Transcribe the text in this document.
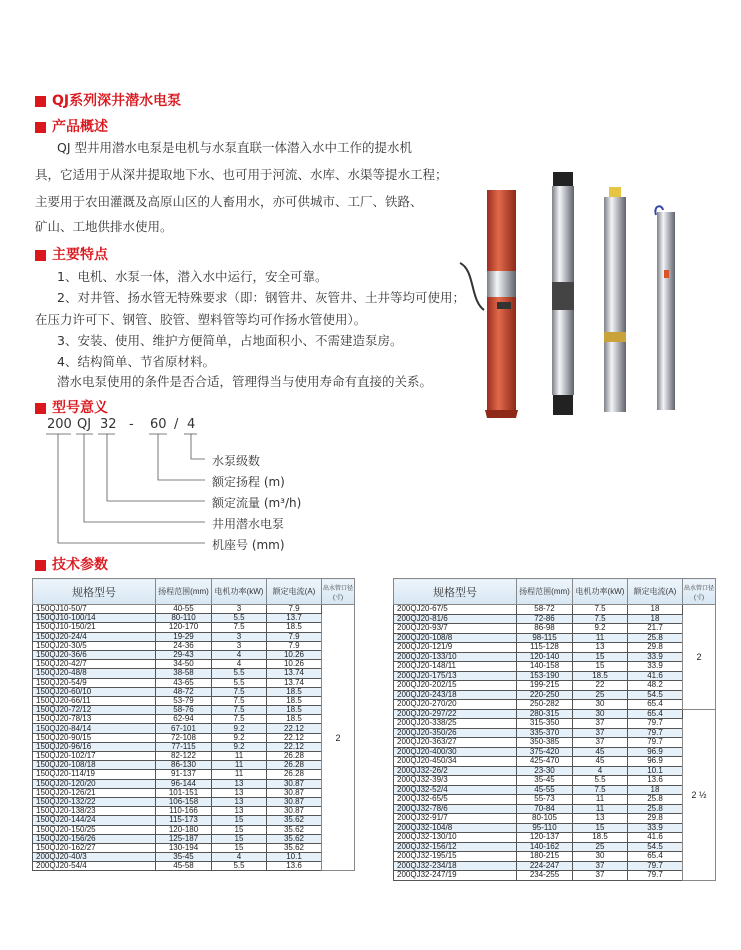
QJ系列深井潜水电泵
产品概述
QJ 型井用潜水电泵是电机与水泵直联一体潜入水中工作的提水机
具，它适用于从深井提取地下水、也可用于河流、水库、水渠等提水工程；
主要用于农田灌溉及高原山区的人畜用水，亦可供城市、工厂、铁路、
矿山、工地供排水使用。
主要特点
1、电机、水泵一体，潜入水中运行，安全可靠。
2、对井管、扬水管无特殊要求（即：钢管井、灰管井、土井等均可使用；
在压力许可下、钢管、胶管、塑料管等均可作扬水管使用）。
3、安装、使用、维护方便简单，占地面积小、不需建造泵房。
4、结构简单、节省原材料。
潜水电泵使用的条件是否合适，管理得当与使用寿命有直接的关系。
型号意义
200 QJ 32 - 60 / 4
水泵级数
额定扬程 (m)
额定流量 (m³/h)
井用潜水电泵
机座号 (mm)
技术参数
规格型号	扬程范围(mm)	电机功率(kW)	额定电流(A)	出水管口径(寸)
150QJ10-50/7	40-55	3	7.9	2
150QJ10-100/14	80-110	5.5	13.7	
150QJ10-150/21	120-170	7.5	18.5	
150QJ20-24/4	19-29	3	7.9	
150QJ20-30/5	24-36	3	7.9	
150QJ20-36/6	29-43	4	10.26	
150QJ20-42/7	34-50	4	10.26	
150QJ20-48/8	38-58	5.5	13.74	
150QJ20-54/9	43-65	5.5	13.74	
150QJ20-60/10	48-72	7.5	18.5	
150QJ20-66/11	53-79	7.5	18.5	
150QJ20-72/12	58-76	7.5	18.5	
150QJ20-78/13	62-94	7.5	18.5	
150QJ20-84/14	67-101	9.2	22.12	
150QJ20-90/15	72-108	9.2	22.12	
150QJ20-96/16	77-115	9.2	22.12	
150QJ20-102/17	82-122	11	26.28	
150QJ20-108/18	86-130	11	26.28	
150QJ20-114/19	91-137	11	26.28	
150QJ20-120/20	96-144	13	30.87	
150QJ20-126/21	101-151	13	30.87	
150QJ20-132/22	106-158	13	30.87	
150QJ20-138/23	110-166	13	30.87	
150QJ20-144/24	115-173	15	35.62	
150QJ20-150/25	120-180	15	35.62	
150QJ20-156/26	125-187	15	35.62	
150QJ20-162/27	130-194	15	35.62	
200QJ20-40/3	35-45	4	10.1	
200QJ20-54/4	45-58	5.5	13.6	
规格型号	扬程范围(mm)	电机功率(kW)	额定电流(A)	出水管口径(寸)
200QJ20-67/5	58-72	7.5	18	2
200QJ20-81/6	72-86	7.5	18	
200QJ20-93/7	86-98	9.2	21.7	
200QJ20-108/8	98-115	11	25.8	
200QJ20-121/9	115-128	13	29.8	
200QJ20-133/10	120-140	15	33.9	
200QJ20-148/11	140-158	15	33.9	
200QJ20-175/13	153-190	18.5	41.6	
200QJ20-202/15	199-215	22	48.2	
200QJ20-243/18	220-250	25	54.5	
200QJ20-270/20	250-282	30	65.4	
200QJ20-297/22	280-315	30	65.4	2 ½
200QJ20-338/25	315-350	37	79.7	
200QJ20-350/26	335-370	37	79.7	
200QJ20-363/27	350-385	37	79.7	
200QJ20-400/30	375-420	45	96.9	
200QJ20-450/34	425-470	45	96.9	
200QJ32-26/2	23-30	4	10.1	
200QJ32-39/3	35-45	5.5	13.6	
200QJ32-52/4	45-55	7.5	18	
200QJ32-65/5	55-73	11	25.8	
200QJ32-78/6	70-84	11	25.8	
200QJ32-91/7	80-105	13	29.8	
200QJ32-104/8	95-110	15	33.9	
200QJ32-130/10	120-137	18.5	41.6	
200QJ32-156/12	140-162	25	54.5	
200QJ32-195/15	180-215	30	65.4	
200QJ32-234/18	224-247	37	79.7	
200QJ32-247/19	234-255	37	79.7	
